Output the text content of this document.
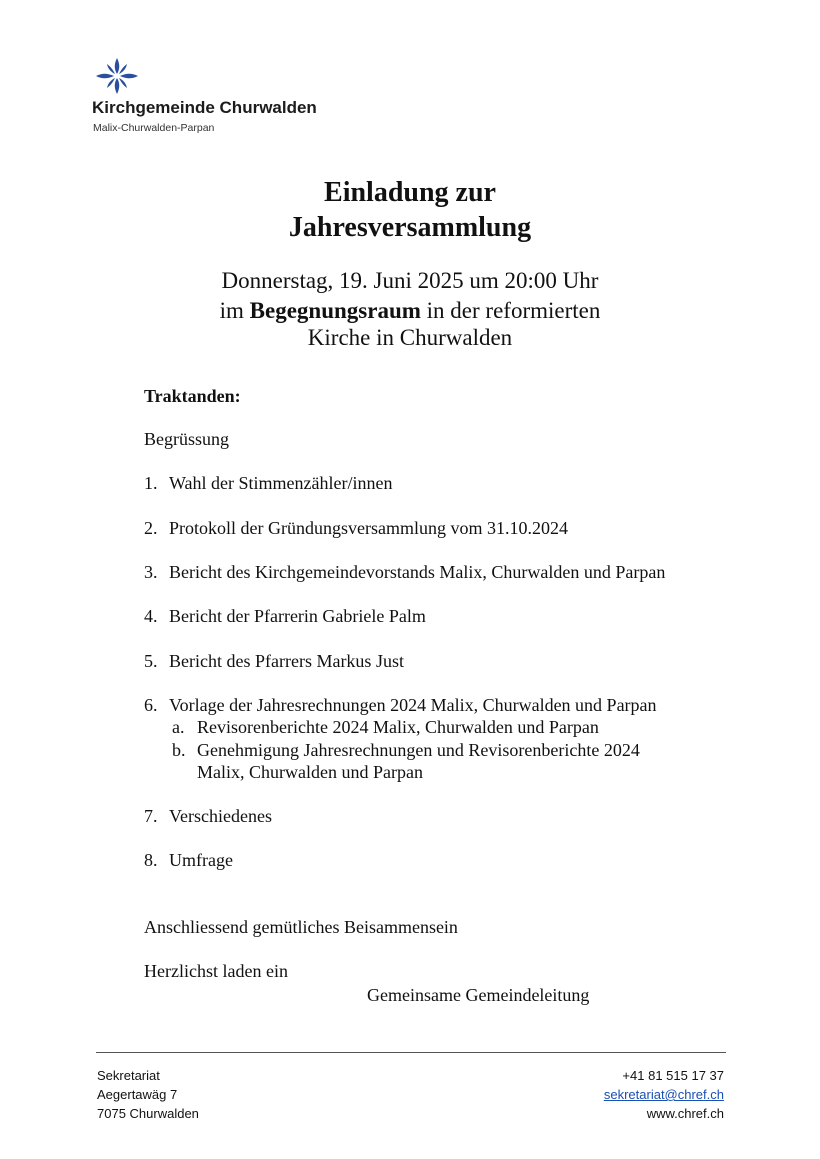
Kirchgemeinde Churwalden
Malix-Churwalden-Parpan
Einladung zur
Jahresversammlung
Donnerstag, 19. Juni 2025 um 20:00 Uhr
im Begegnungsraum in der reformierten
Kirche in Churwalden
Traktanden:
Begrüssung
1. Wahl der Stimmenzähler/innen
2. Protokoll der Gründungsversammlung vom 31.10.2024
3. Bericht des Kirchgemeindevorstands Malix, Churwalden und Parpan
4. Bericht der Pfarrerin Gabriele Palm
5. Bericht des Pfarrers Markus Just
6. Vorlage der Jahresrechnungen 2024 Malix, Churwalden und Parpan
a. Revisorenberichte 2024 Malix, Churwalden und Parpan
b. Genehmigung Jahresrechnungen und Revisorenberichte 2024
Malix, Churwalden und Parpan
7. Verschiedenes
8. Umfrage
Anschliessend gemütliches Beisammensein
Herzlichst laden ein
Gemeinsame Gemeindeleitung
Sekretariat
Aegertawäg 7
7075 Churwalden
+41 81 515 17 37
sekretariat@chref.ch
www.chref.ch
